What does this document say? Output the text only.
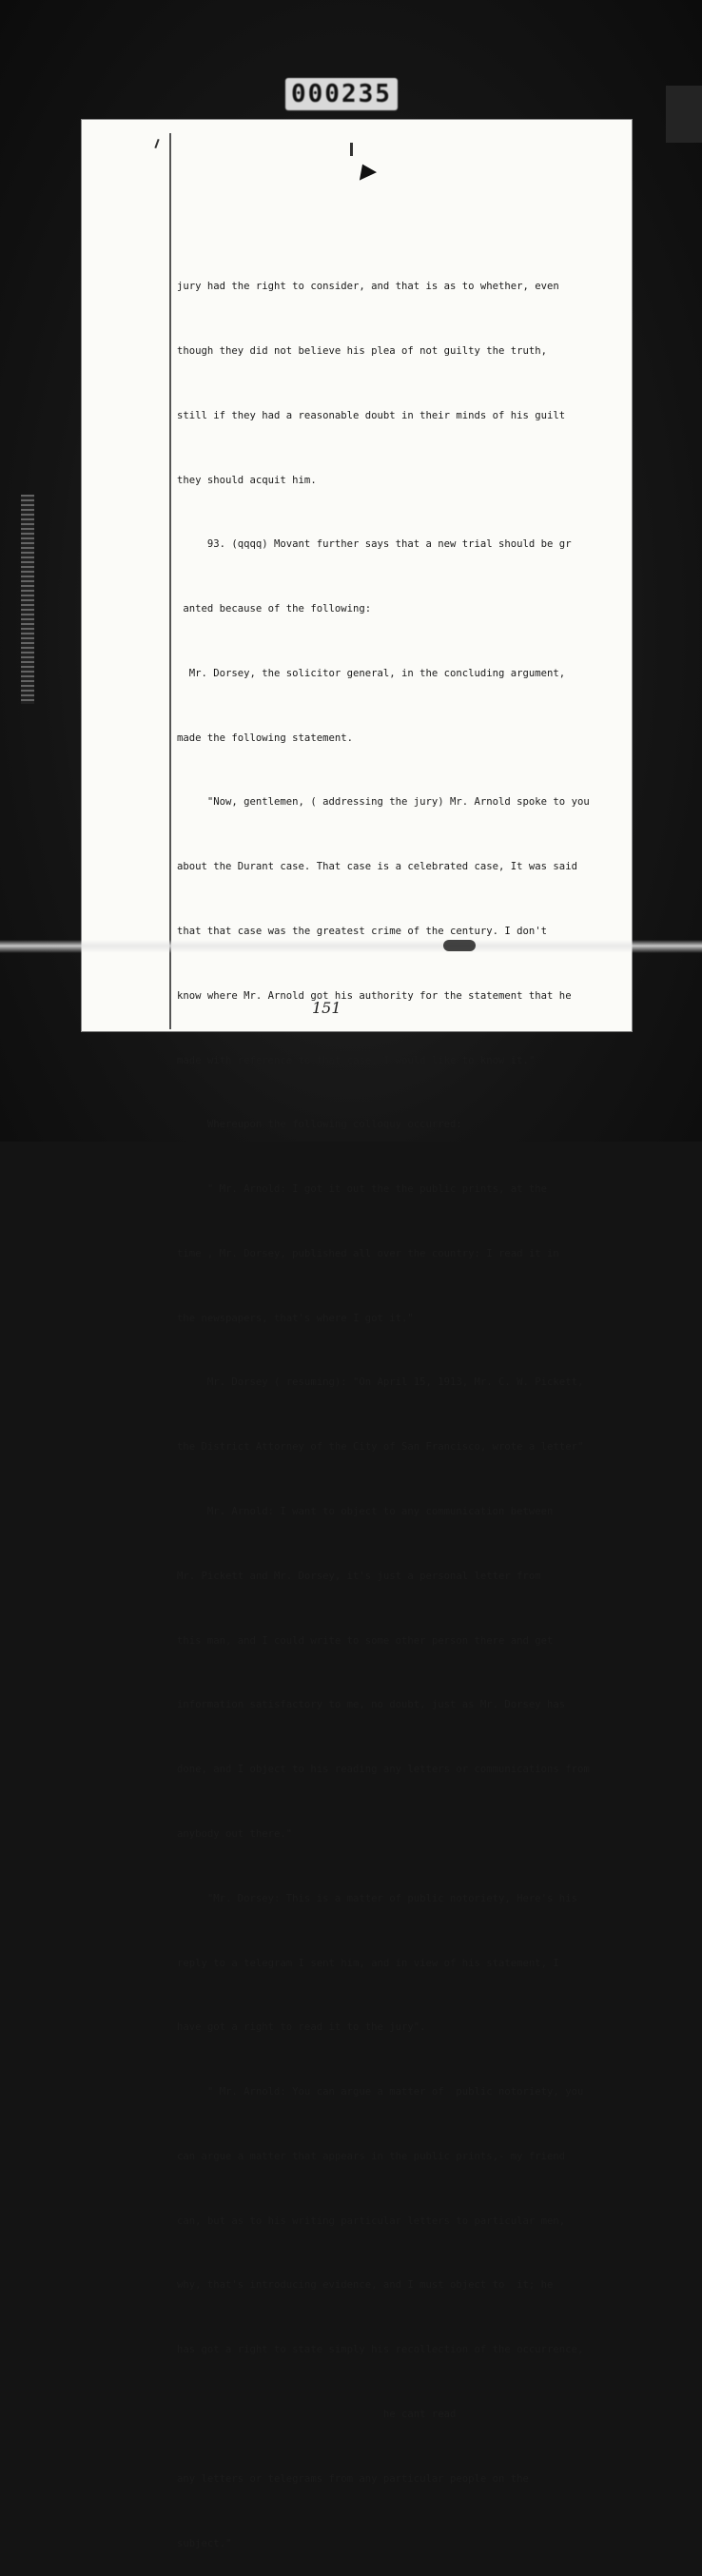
000235

jury had the right to consider, and that is as to whether, even

though they did not believe his plea of not guilty the truth,

still if they had a reasonable doubt in their minds of his guilt

they should acquit him.

93. (qqqq) Movant further says that a new trial should be gr

anted because of the following:

Mr. Dorsey, the solicitor general, in the concluding argument,

made the following statement.

"Now, gentlemen, ( addressing the jury) Mr. Arnold spoke to you

about the Durant case. That case is a celebrated case, It was said

that that case was the greatest crime of the century. I don't

know where Mr. Arnold got his authority for the statement that he

made with reference to that case. I would like to know it."

Whereupon the following colloquy occurred:

" Mr. Arnold: I got it out the the public prints, at the

time , Mr. Dorsey, published all over the country: I read it in

the newspapers, that's where I got it."

Mr. Dorsey ( resuming): "On April 15, 1913, Mr. C. W. Pickett,

the District Attorney of the City of San Francisco, wrote a letter"

Mr. Arnold: I want to object to any communication between

Mr. Pickett and Mr. Dorsey, it's just a personal letter from

this man, and I could write to some other person there and get

information satisfactory to me, no doubt, just as Mr. Dorsey has

done, and I object to his reading any letters or communications from

anybody out there."

"Mr. Dorsey: This is a matter of public notoriety, Here's his

reply to a telegram I sent him, and in view of his statement, I

have got a right to read it to the jury".

" Mr. Arnold: You can argue a matter of  public notoriety, you

can argue a matter that appears in the public prints,- my friend

can, but as to his writing particular letters to particular men,

why, that's introducing evidence, and I must object to  it; he

has got a right to state simply his recollection of the occurrence,

he cant read

any letters or telegrams from any particular people on the

subject."

151
